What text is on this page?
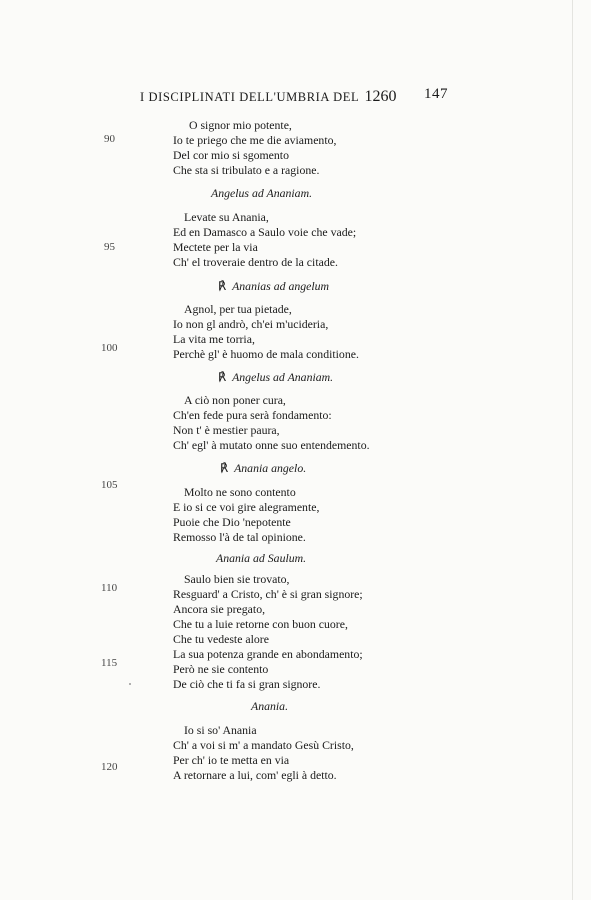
I DISCIPLINATI DELL'UMBRIA DEL 1260 147
O signor mio potente,
Io te priego che me die aviamento,
Del cor mio si sgomento
Che sta si tribulato e a ragione.
Angelus ad Ananiam.
Levate su Anania,
Ed en Damasco a Saulo voie che vade;
Mectete per la via
Ch' el troveraie dentro de la citade.
℟ Ananias ad angelum
Agnol, per tua pietade,
Io non gl andrò, ch'ei m'ucideria,
La vita me torria,
Perchè gl' è huomo de mala conditione.
℟ Angelus ad Ananiam.
A ciò non poner cura,
Ch'en fede pura serà fondamento:
Non t' è mestier paura,
Ch' egl' à mutato onne suo entendemento.
℟ Anania angelo.
Molto ne sono contento
E io si ce voi gire alegramente,
Puoie che Dio 'nepotente
Remosso l'à de tal opinione.
Anania ad Saulum.
Saulo bien sie trovato,
Resguard' a Cristo, ch' è si gran signore;
Ancora sie pregato,
Che tu a luie retorne con buon cuore,
Che tu vedeste alore
La sua potenza grande en abondamento;
Però ne sie contento
De ciò che ti fa si gran signore.
Anania.
Io si so' Anania
Ch' a voi si m' a mandato Gesù Cristo,
Per ch' io te metta en via
A retornare a lui, com' egli à detto.
90
95
100
105
110
115
120
